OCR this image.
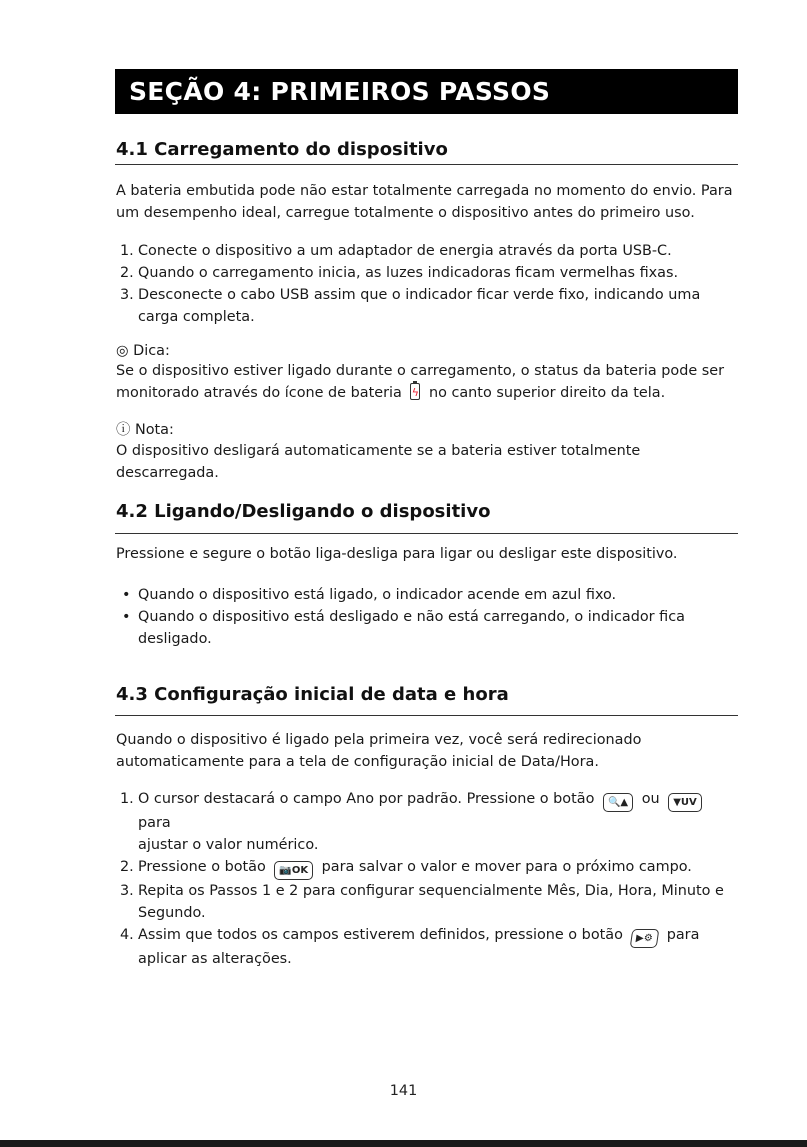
SEÇÃO 4: PRIMEIROS PASSOS
4.1 Carregamento do dispositivo
A bateria embutida pode não estar totalmente carregada no momento do envio. Para
um desempenho ideal, carregue totalmente o dispositivo antes do primeiro uso.
1. Conecte o dispositivo a um adaptador de energia através da porta USB-C.
2. Quando o carregamento inicia, as luzes indicadoras ficam vermelhas fixas.
3. Desconecte o cabo USB assim que o indicador ficar verde fixo, indicando uma carga completa.
◎ Dica:
Se o dispositivo estiver ligado durante o carregamento, o status da bateria pode ser
monitorado através do ícone de bateria ϟ no canto superior direito da tela.
ⓘ Nota:
O dispositivo desligará automaticamente se a bateria estiver totalmente descarregada.
4.2 Ligando/Desligando o dispositivo
Pressione e segure o botão liga-desliga para ligar ou desligar este dispositivo.
• Quando o dispositivo está ligado, o indicador acende em azul fixo.
• Quando o dispositivo está desligado e não está carregando, o indicador fica desligado.
4.3 Configuração inicial de data e hora
Quando o dispositivo é ligado pela primeira vez, você será redirecionado
automaticamente para a tela de configuração inicial de Data/Hora.
1. O cursor destacará o campo Ano por padrão. Pressione o botão 🔍▲ ou ▼UV para
ajustar o valor numérico.
2. Pressione o botão 📷OK para salvar o valor e mover para o próximo campo.
3. Repita os Passos 1 e 2 para configurar sequencialmente Mês, Dia, Hora, Minuto e Segundo.
4. Assim que todos os campos estiverem definidos, pressione o botão ▶⚙ para
aplicar as alterações.
141
